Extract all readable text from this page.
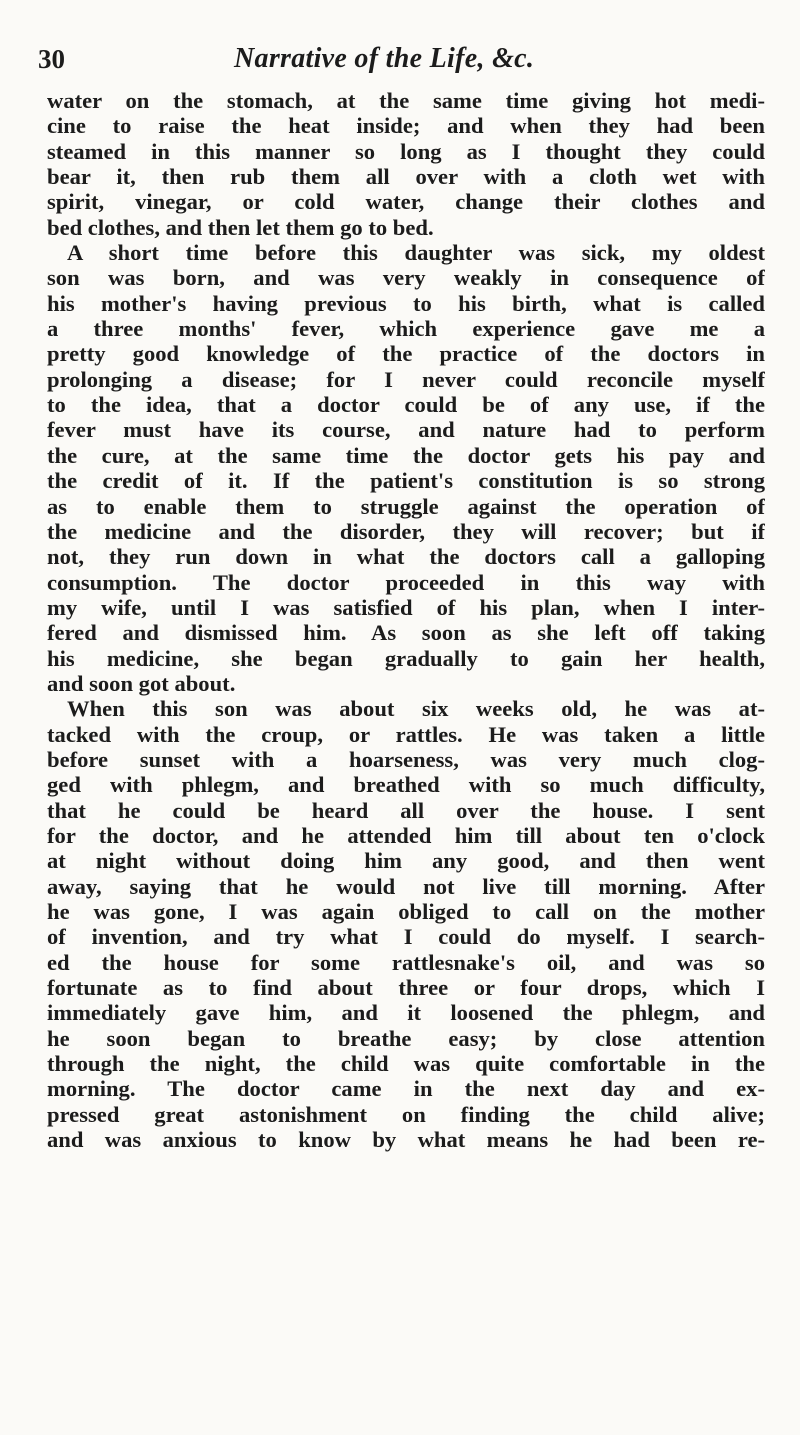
30	Narrative of the Life, &c.
water on the stomach, at the same time giving hot medi-
cine to raise the heat inside; and when they had been
steamed in this manner so long as I thought they could
bear it, then rub them all over with a cloth wet with
spirit, vinegar, or cold water, change their clothes and
bed clothes, and then let them go to bed.
A short time before this daughter was sick, my oldest
son was born, and was very weakly in consequence of
his mother's having previous to his birth, what is called
a three months' fever, which experience gave me a
pretty good knowledge of the practice of the doctors in
prolonging a disease; for I never could reconcile myself
to the idea, that a doctor could be of any use, if the
fever must have its course, and nature had to perform
the cure, at the same time the doctor gets his pay and
the credit of it. If the patient's constitution is so strong
as to enable them to struggle against the operation of
the medicine and the disorder, they will recover; but if
not, they run down in what the doctors call a galloping
consumption. The doctor proceeded in this way with
my wife, until I was satisfied of his plan, when I inter-
fered and dismissed him. As soon as she left off taking
his medicine, she began gradually to gain her health,
and soon got about.
When this son was about six weeks old, he was at-
tacked with the croup, or rattles. He was taken a little
before sunset with a hoarseness, was very much clog-
ged with phlegm, and breathed with so much difficulty,
that he could be heard all over the house. I sent
for the doctor, and he attended him till about ten o'clock
at night without doing him any good, and then went
away, saying that he would not live till morning. After
he was gone, I was again obliged to call on the mother
of invention, and try what I could do myself. I search-
ed the house for some rattlesnake's oil, and was so
fortunate as to find about three or four drops, which I
immediately gave him, and it loosened the phlegm, and
he soon began to breathe easy; by close attention
through the night, the child was quite comfortable in the
morning. The doctor came in the next day and ex-
pressed great astonishment on finding the child alive;
and was anxious to know by what means he had been re-
